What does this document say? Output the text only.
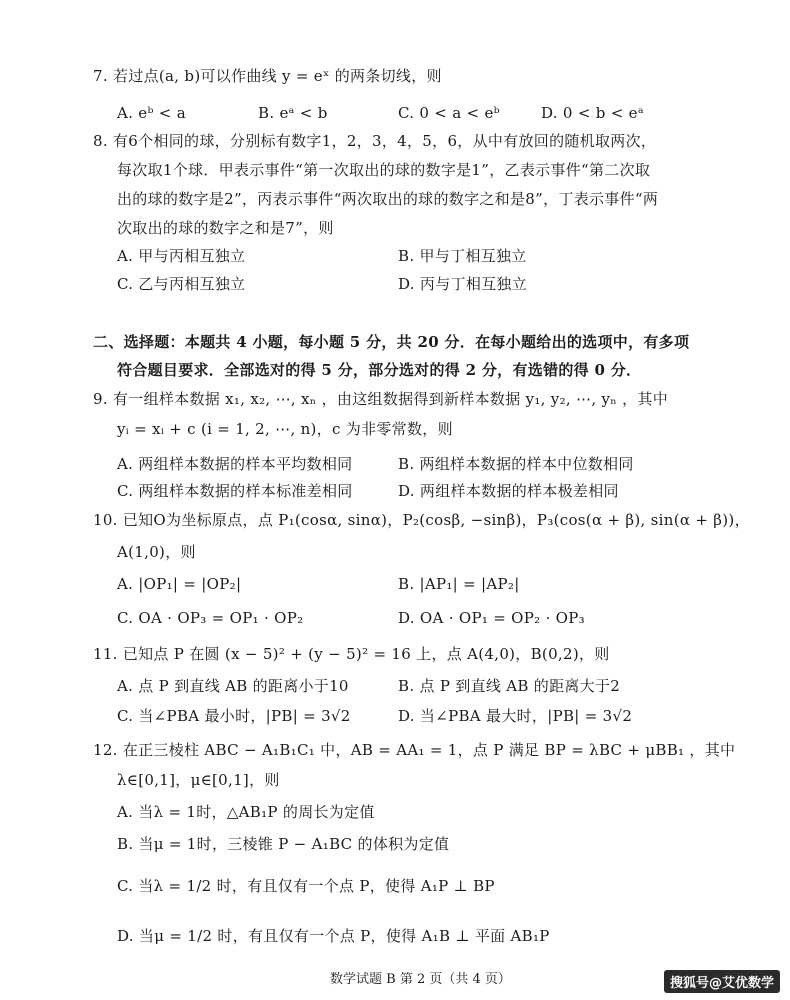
7. 若过点(a, b)可以作曲线 y = eˣ 的两条切线，则
A. eᵇ < a	B. eᵃ < b	C. 0 < a < eᵇ	D. 0 < b < eᵃ
8. 有6个相同的球，分别标有数字1，2，3，4，5，6，从中有放回的随机取两次，
每次取1个球．甲表示事件“第一次取出的球的数字是1”，乙表示事件“第二次取
出的球的数字是2”，丙表示事件“两次取出的球的数字之和是8”，丁表示事件“两
次取出的球的数字之和是7”，则
A. 甲与丙相互独立	B. 甲与丁相互独立
C. 乙与丙相互独立	D. 丙与丁相互独立
二、选择题：本题共 4 小题，每小题 5 分，共 20 分．在每小题给出的选项中，有多项
符合题目要求．全部选对的得 5 分，部分选对的得 2 分，有选错的得 0 分．
9. 有一组样本数据 x₁, x₂, ⋯, xₙ ，由这组数据得到新样本数据 y₁, y₂, ⋯, yₙ ，其中
yᵢ = xᵢ + c (i = 1, 2, ⋯, n)，c 为非零常数，则
A. 两组样本数据的样本平均数相同	B. 两组样本数据的样本中位数相同
C. 两组样本数据的样本标准差相同	D. 两组样本数据的样本极差相同
10. 已知O为坐标原点，点 P₁(cosα, sinα)，P₂(cosβ, −sinβ)，P₃(cos(α + β), sin(α + β))，
A(1,0)，则
A. |OP₁| = |OP₂|	B. |AP₁| = |AP₂|
C. OA · OP₃ = OP₁ · OP₂	D. OA · OP₁ = OP₂ · OP₃
11. 已知点 P 在圆 (x − 5)² + (y − 5)² = 16 上，点 A(4,0)，B(0,2)，则
A. 点 P 到直线 AB 的距离小于10	B. 点 P 到直线 AB 的距离大于2
C. 当∠PBA 最小时，|PB| = 3√2	D. 当∠PBA 最大时，|PB| = 3√2
12. 在正三棱柱 ABC − A₁B₁C₁ 中，AB = AA₁ = 1，点 P 满足 BP = λBC + μBB₁ ，其中
λ∈[0,1]，μ∈[0,1]，则
A. 当λ = 1时，△AB₁P 的周长为定值
B. 当μ = 1时，三棱锥 P − A₁BC 的体积为定值
C. 当λ = 1/2 时，有且仅有一个点 P，使得 A₁P ⊥ BP
D. 当μ = 1/2 时，有且仅有一个点 P，使得 A₁B ⊥ 平面 AB₁P
数学试题 B 第 2 页（共 4 页）	搜狐号@艾优数学
